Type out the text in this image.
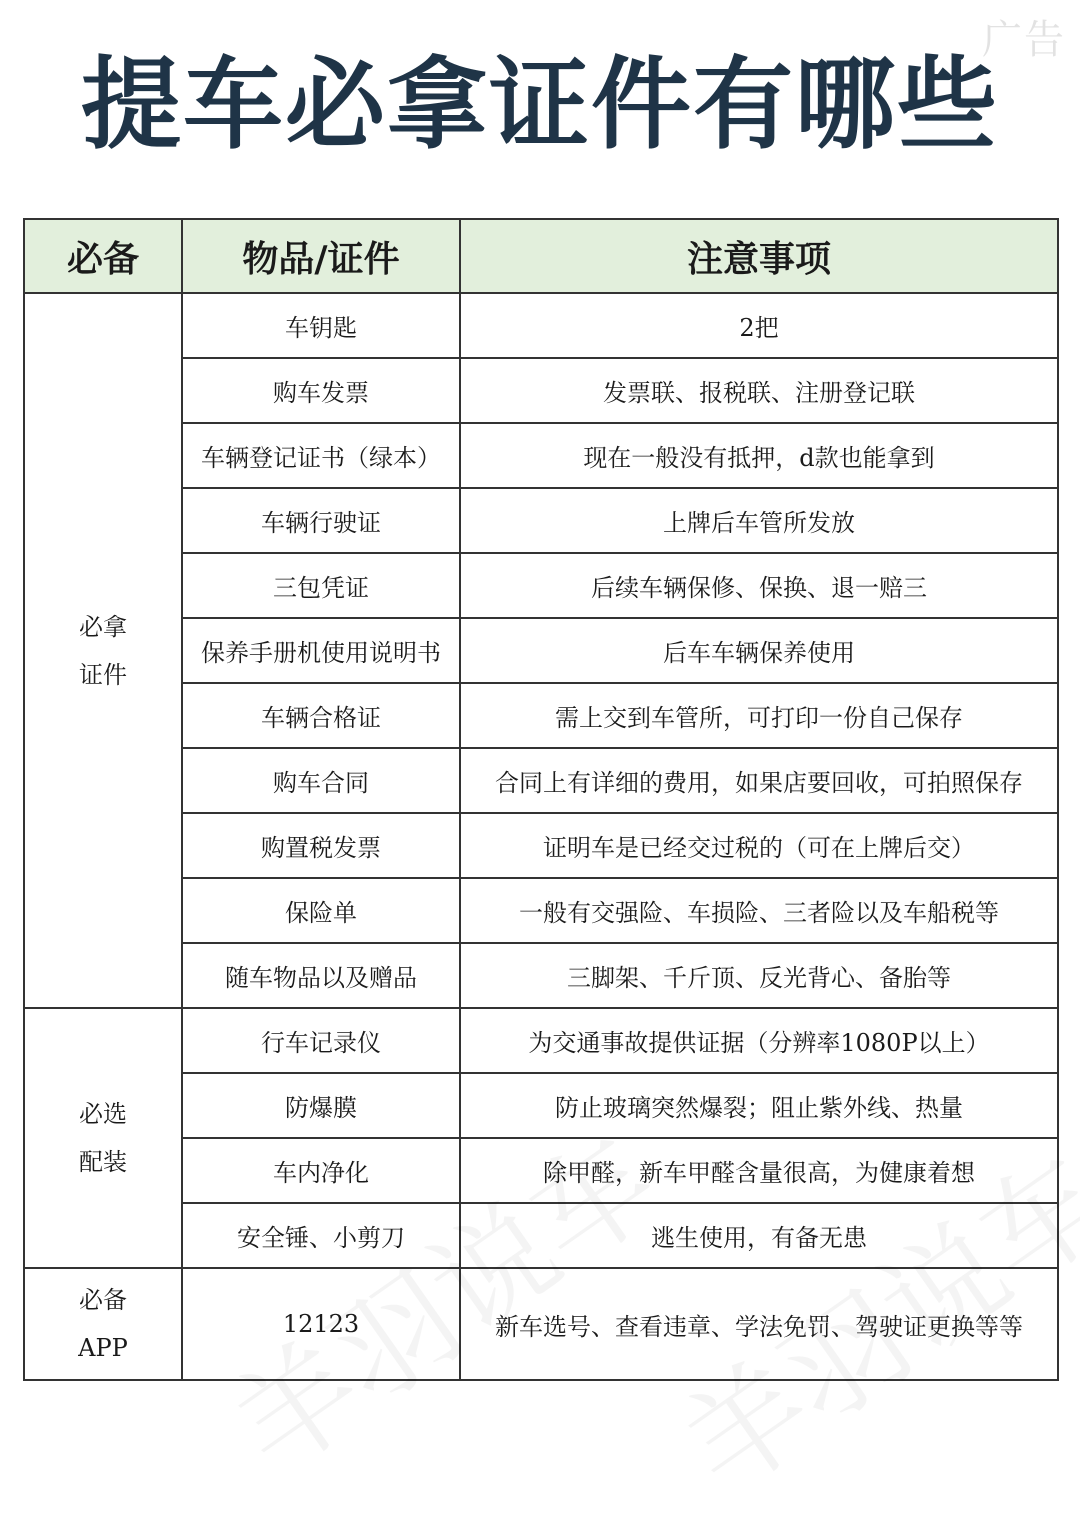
广告
提车必拿证件有哪些
必备	物品/证件	注意事项

必拿
证件	车钥匙	2把
	购车发票	发票联、报税联、注册登记联
	车辆登记证书（绿本）	现在一般没有抵押，d款也能拿到
	车辆行驶证	上牌后车管所发放
	三包凭证	后续车辆保修、保换、退一赔三
	保养手册机使用说明书	后车车辆保养使用
	车辆合格证	需上交到车管所，可打印一份自己保存
	购车合同	合同上有详细的费用，如果店要回收，可拍照保存
	购置税发票	证明车是已经交过税的（可在上牌后交）
	保险单	一般有交强险、车损险、三者险以及车船税等
	随车物品以及赠品	三脚架、千斤顶、反光背心、备胎等

必选
配装	行车记录仪	为交通事故提供证据（分辨率1080P以上）
	防爆膜	防止玻璃突然爆裂；阻止紫外线、热量
	车内净化	除甲醛，新车甲醛含量很高，为健康着想
	安全锤、小剪刀	逃生使用，有备无患

必备
APP	12123	新车选号、查看违章、学法免罚、驾驶证更换等等
